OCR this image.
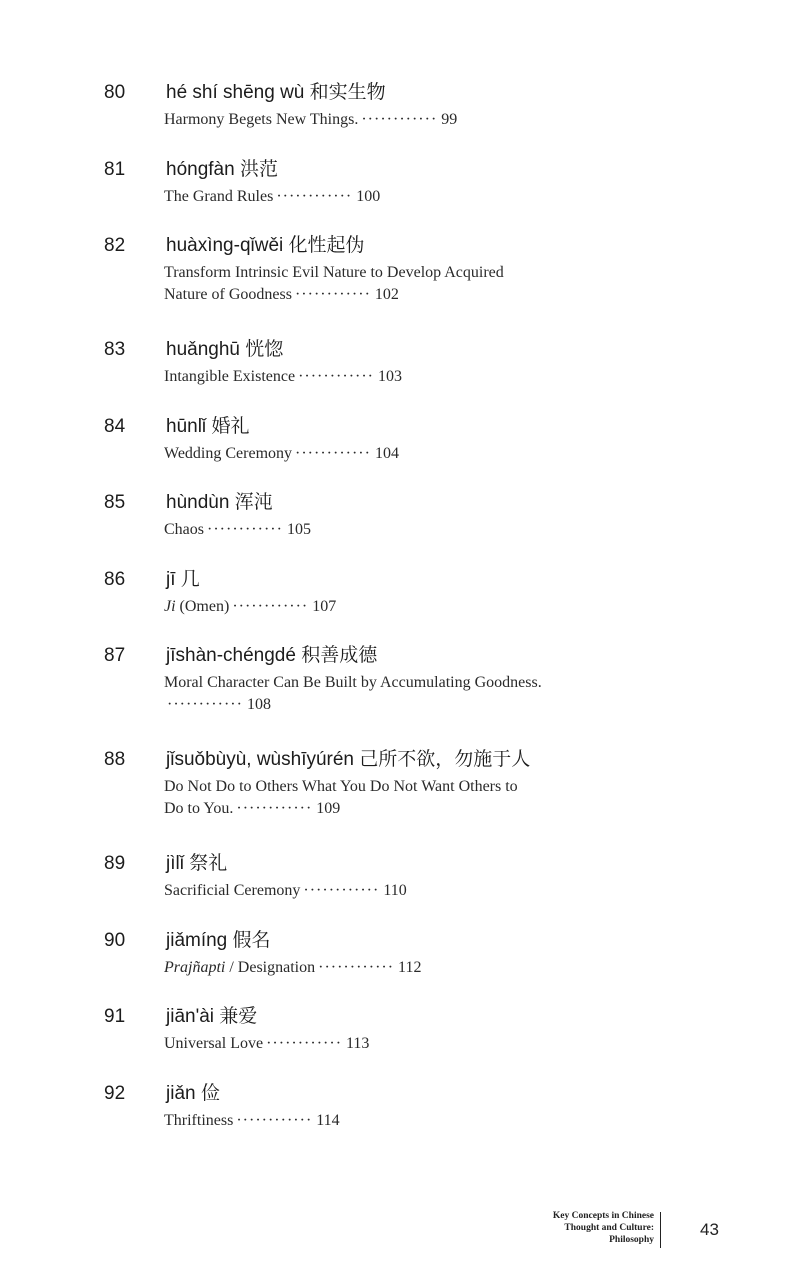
80 hé shí shēng wù 和实生物
Harmony Begets New Things. ············ 99
81 hóngfàn 洪范
The Grand Rules ············ 100
82 huàxìng-qǐwěi 化性起伪
Transform Intrinsic Evil Nature to Develop Acquired
Nature of Goodness ············ 102
83 huǎnghū 恍惚
Intangible Existence ············ 103
84 hūnlǐ 婚礼
Wedding Ceremony ············ 104
85 hùndùn 浑沌
Chaos ············ 105
86 jī 几
Ji (Omen) ············ 107
87 jīshàn-chéngdé 积善成德
Moral Character Can Be Built by Accumulating Goodness.
············ 108
88 jǐsuǒbùyù, wùshīyúrén 己所不欲，勿施于人
Do Not Do to Others What You Do Not Want Others to
Do to You. ············ 109
89 jìlǐ 祭礼
Sacrificial Ceremony ············ 110
90 jiǎmíng 假名
Prajñapti / Designation ············ 112
91 jiān'ài 兼爱
Universal Love ············ 113
92 jiǎn 俭
Thriftiness ············ 114
Key Concepts in Chinese
Thought and Culture:
Philosophy
43
